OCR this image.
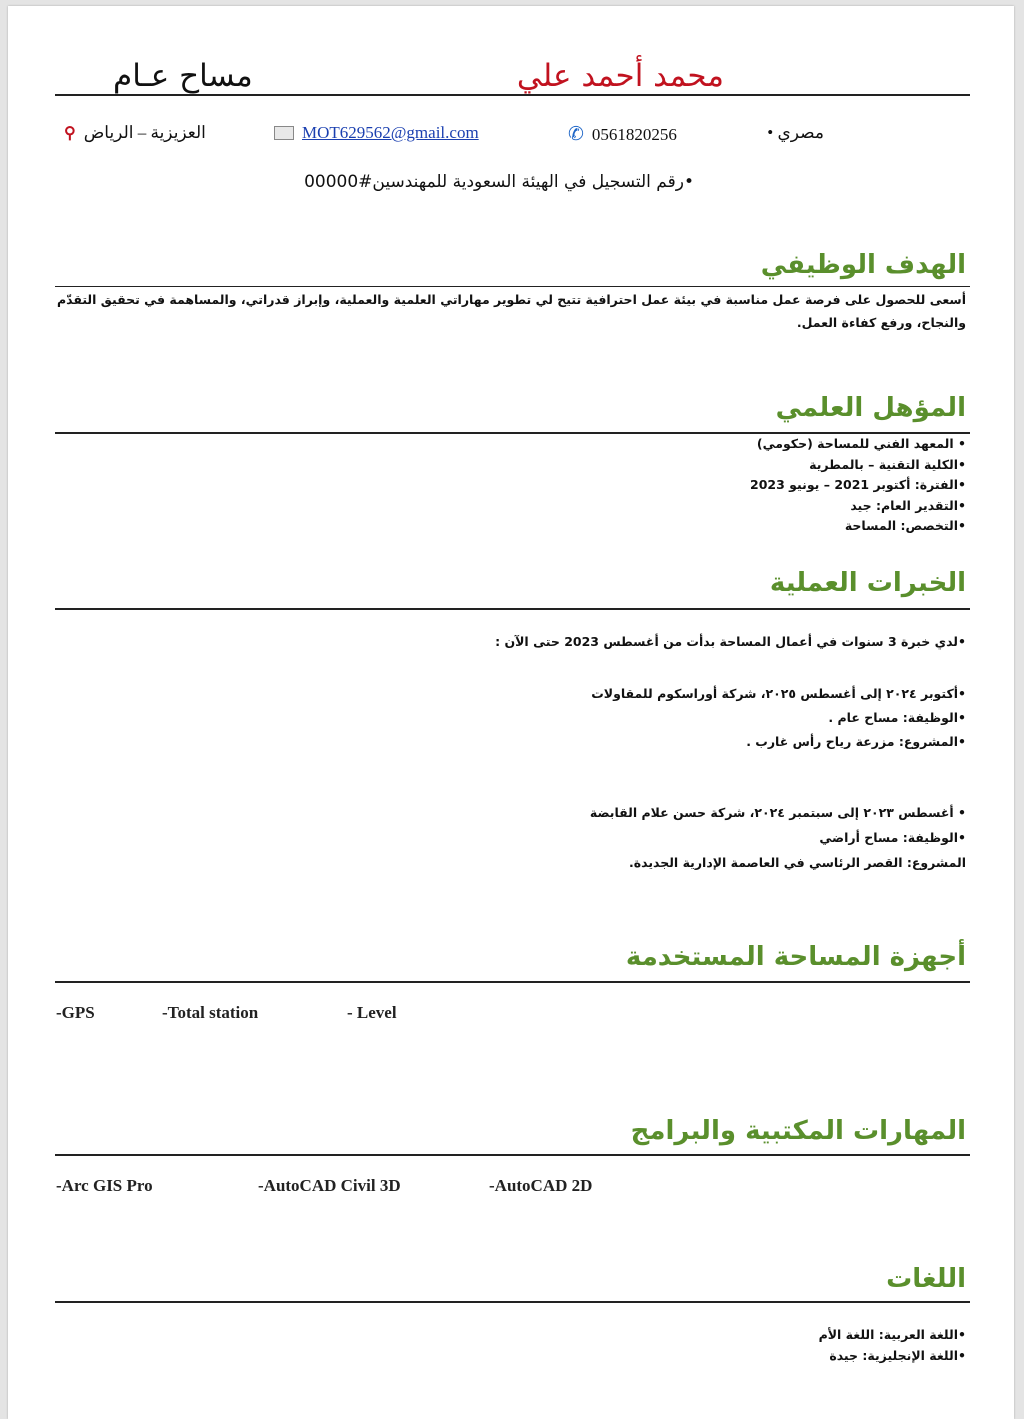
محمد أحمد علي
مساح عـام
مصري •
✆ 0561820256
MOT629562@gmail.com
العزيزية – الرياض
⚲
•رقم التسجيل في الهيئة السعودية للمهندسين#00000
الهدف الوظيفي
أسعى للحصول على فرصة عمل مناسبة في بيئة عمل احترافية تتيح لي تطوير مهاراتي العلمية والعملية، وإبراز قدراتي، والمساهمة في تحقيق التقدّم والنجاح، ورفع كفاءة العمل.
المؤهل العلمي
• المعهد الفني للمساحة (حكومي)
•الكلية التقنية – بالمطرية
•الفترة: أكتوبر 2021 – يونيو 2023
•التقدير العام: جيد
•التخصص: المساحة
الخبرات العملية
•لدي خبرة 3 سنوات في أعمال المساحة بدأت من أغسطس 2023 حتى الآن :
•أكتوبر ٢٠٢٤ إلى أغسطس ٢٠٢٥، شركة أوراسكوم للمقاولات
•الوظيفة: مساح عام .
•المشروع: مزرعة رياح رأس غارب .
• أغسطس ٢٠٢٣ إلى سبتمبر ٢٠٢٤، شركة حسن علام القابضة
•الوظيفة: مساح أراضي
المشروع: القصر الرئاسي في العاصمة الإدارية الجديدة.
أجهزة المساحة المستخدمة
-GPS	-Total station	- Level
المهارات المكتبية والبرامج
-Arc GIS Pro	-AutoCAD Civil 3D	-AutoCAD 2D
اللغات
•اللغة العربية: اللغة الأم
•اللغة الإنجليزية: جيدة
